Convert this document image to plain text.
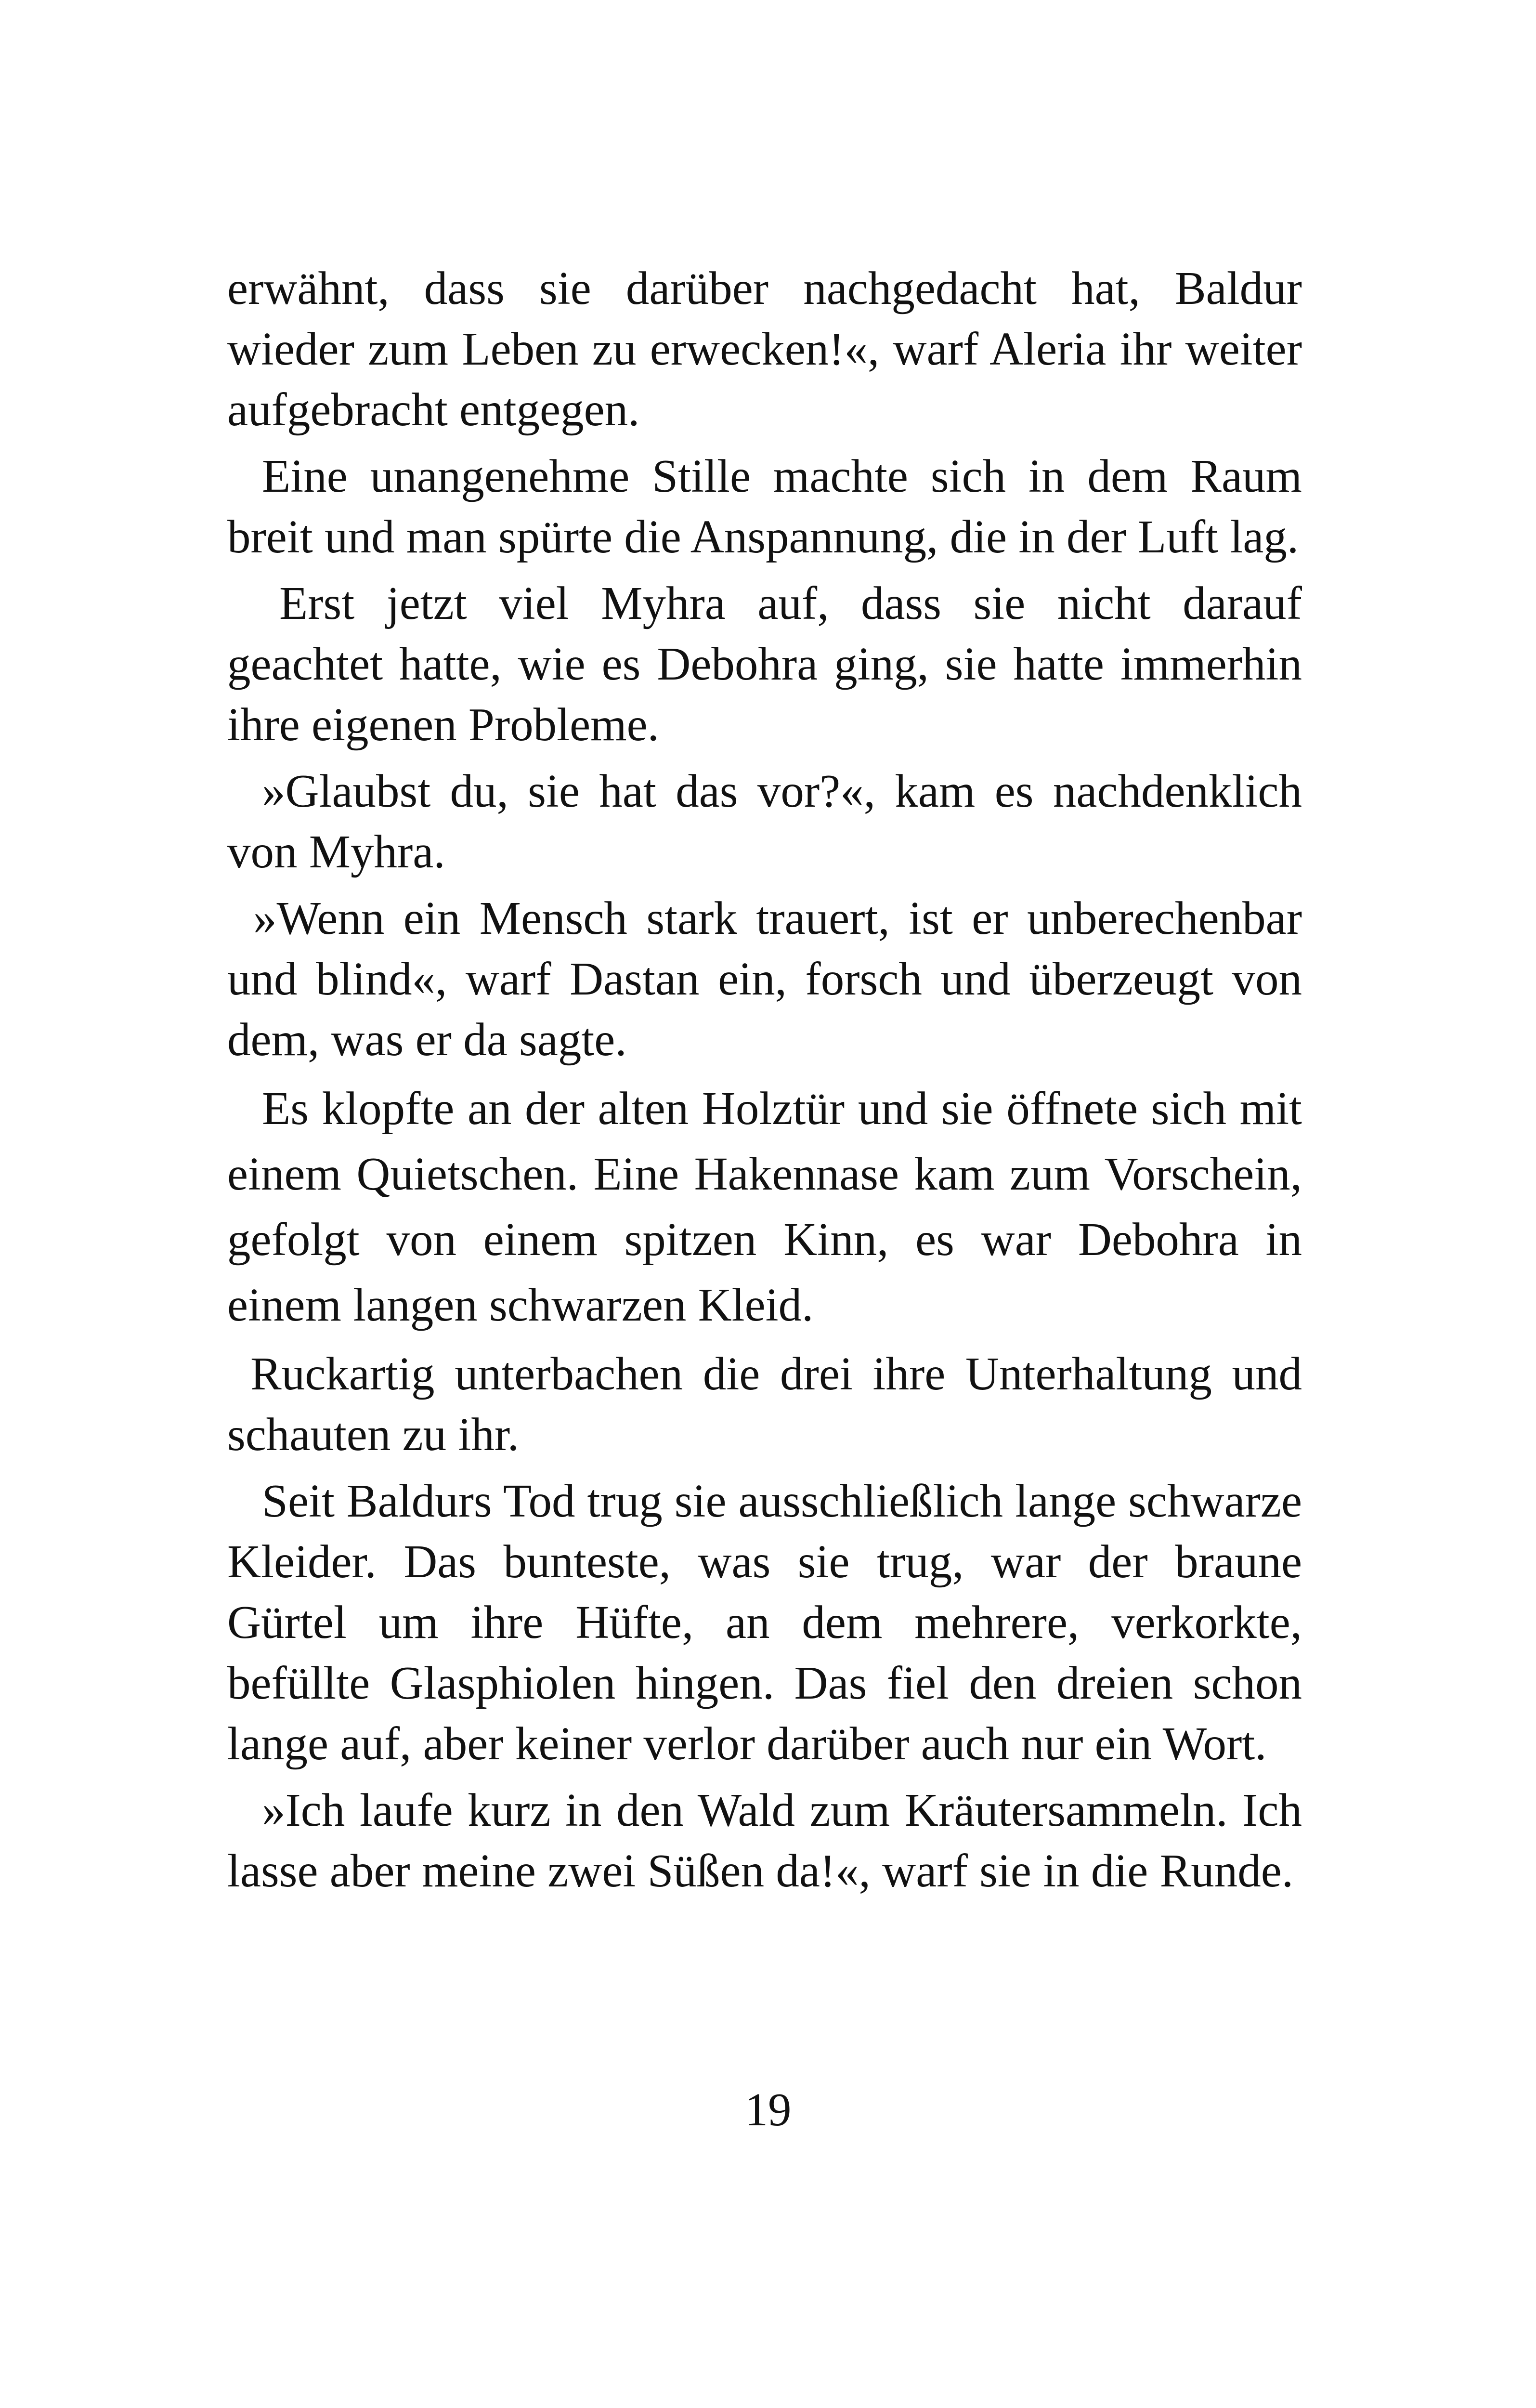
erwähnt, dass sie darüber nachgedacht hat, Baldur wieder zum Leben zu erwecken!«, warf Aleria ihr weiter aufgebracht entgegen.

Eine unangenehme Stille machte sich in dem Raum breit und man spürte die Anspannung, die in der Luft lag.

Erst jetzt viel Myhra auf, dass sie nicht darauf geachtet hatte, wie es Debohra ging, sie hatte immerhin ihre eigenen Probleme.

»Glaubst du, sie hat das vor?«, kam es nachdenklich von Myhra.

»Wenn ein Mensch stark trauert, ist er unberechenbar und blind«, warf Dastan ein, forsch und überzeugt von dem, was er da sagte.

Es klopfte an der alten Holztür und sie öffnete sich mit einem Quietschen. Eine Hakennase kam zum Vorschein, gefolgt von einem spitzen Kinn, es war Debohra in einem langen schwarzen Kleid.

Ruckartig unterbachen die drei ihre Unterhaltung und schauten zu ihr.

Seit Baldurs Tod trug sie ausschließlich lange schwarze Kleider. Das bunteste, was sie trug, war der braune Gürtel um ihre Hüfte, an dem mehrere, verkorkte, befüllte Glasphiolen hingen. Das fiel den dreien schon lange auf, aber keiner verlor darüber auch nur ein Wort.

»Ich laufe kurz in den Wald zum Kräutersammeln. Ich lasse aber meine zwei Süßen da!«, warf sie in die Runde.

19
